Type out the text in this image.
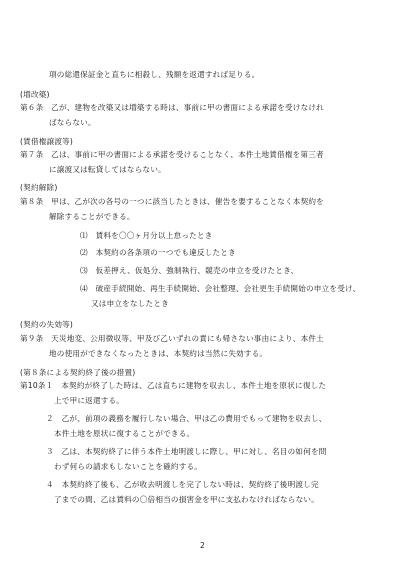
項の総還保証金と直ちに相殺し、残額を返還すれば足りる。
(増改築)
第６条　乙が、建物を改築又は増築する時は、事前に甲の書面による承諾を受けなけれ
ばならない。
(賃借権譲渡等)
第７条　乙は、事前に甲の書面による承諾を受けることなく、本件土地賃借権を第三者
に譲渡又は転貸してはならない。
(契約解除)
第８条　甲は、乙が次の各号の一つに該当したときは、催告を要することなく本契約を
解除することができる。
⑴　賃料を〇〇ヶ月分以上怠ったとき
⑵　本契約の各条項の一つでも違反したとき
⑶　仮差押え、仮処分、強制執行、競売の申立を受けたとき、
⑷　破産手続開始、再生手続開始、会社整理、会社更生手続開始の申立を受け、
又は申立をなしたとき
(契約の失効等)
第９条　天災地変、公用徴収等、甲及び乙いずれの責にも帰さない事由により、本件土
地の使用ができなくなったときは、本契約は当然に失効する。
(第８条による契約終了後の措置)
第10条１　本契約が終了した時は、乙は直ちに建物を収去し、本件土地を原状に復した
上で甲に返還する。
２　乙が、前項の義務を履行しない場合、甲は乙の費用でもって建物を収去し、
本件土地を原状に復することができる。
３　乙は、本契約終了に伴う本件土地明渡しに際し、甲に対し、名目の如何を問
わず何らの請求もしないことを確約する。
４　本契約終了後も、乙が收去明渡しを完了しない時は、契約終了後明渡し完
了までの間、乙は賃料の〇倍相当の損害金を甲に支払わなければならない。
2
